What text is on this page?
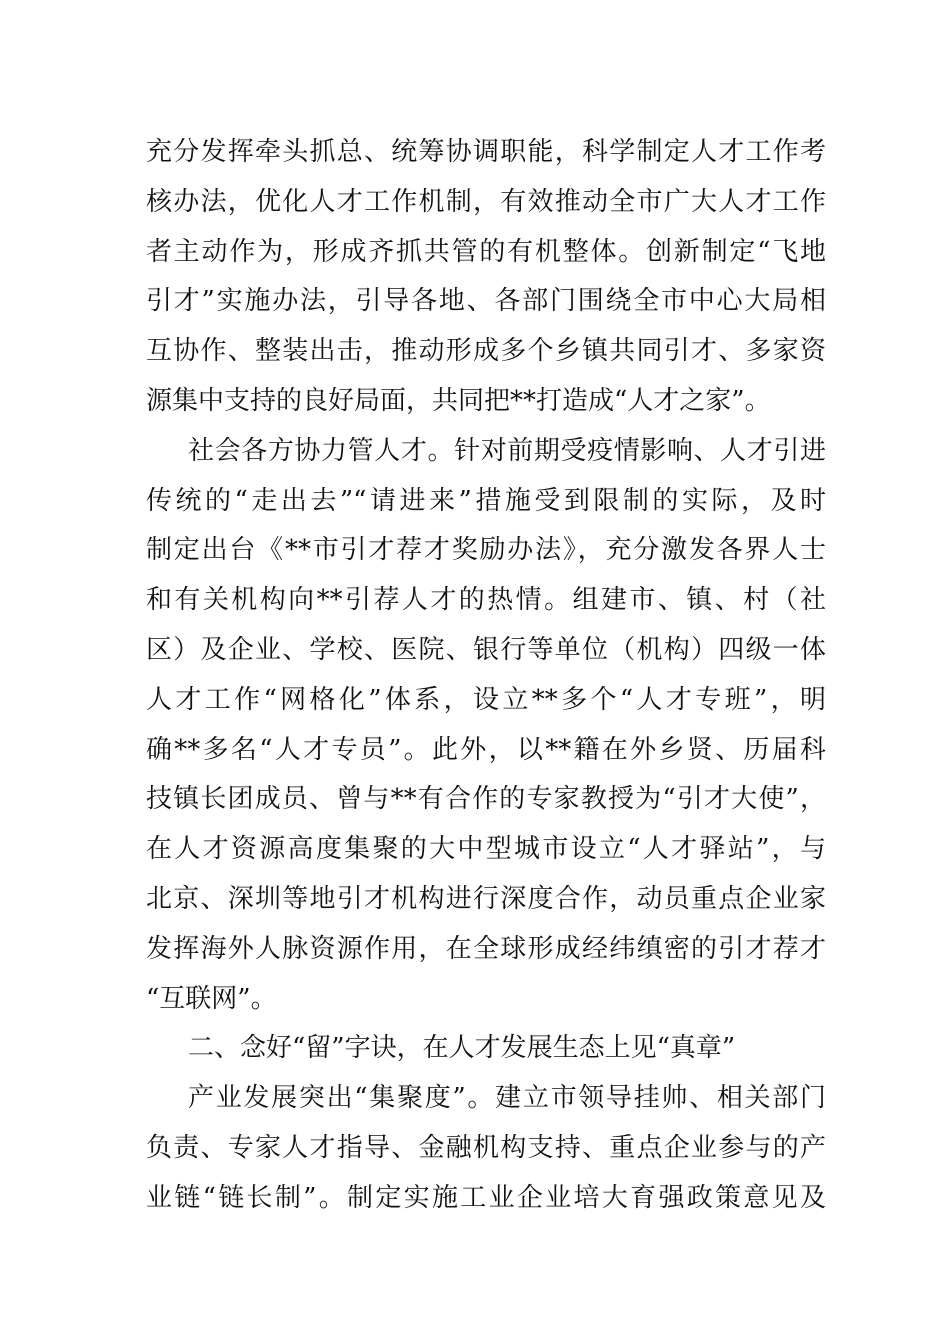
充分发挥牵头抓总、统筹协调职能，科学制定人才工作考
核办法，优化人才工作机制，有效推动全市广大人才工作
者主动作为，形成齐抓共管的有机整体。创新制定“飞地
引才”实施办法，引导各地、各部门围绕全市中心大局相
互协作、整装出击，推动形成多个乡镇共同引才、多家资
源集中支持的良好局面，共同把**打造成“人才之家”。
社会各方协力管人才。针对前期受疫情影响、人才引进
传统的“走出去”“请进来”措施受到限制的实际，及时
制定出台《**市引才荐才奖励办法》，充分激发各界人士
和有关机构向**引荐人才的热情。组建市、镇、村（社
区）及企业、学校、医院、银行等单位（机构）四级一体
人才工作“网格化”体系，设立**多个“人才专班”，明
确**多名“人才专员”。此外，以**籍在外乡贤、历届科
技镇长团成员、曾与**有合作的专家教授为“引才大使”，
在人才资源高度集聚的大中型城市设立“人才驿站”，与
北京、深圳等地引才机构进行深度合作，动员重点企业家
发挥海外人脉资源作用，在全球形成经纬缜密的引才荐才
“互联网”。
二、念好“留”字诀，在人才发展生态上见“真章”
产业发展突出“集聚度”。建立市领导挂帅、相关部门
负责、专家人才指导、金融机构支持、重点企业参与的产
业链“链长制”。制定实施工业企业培大育强政策意见及
